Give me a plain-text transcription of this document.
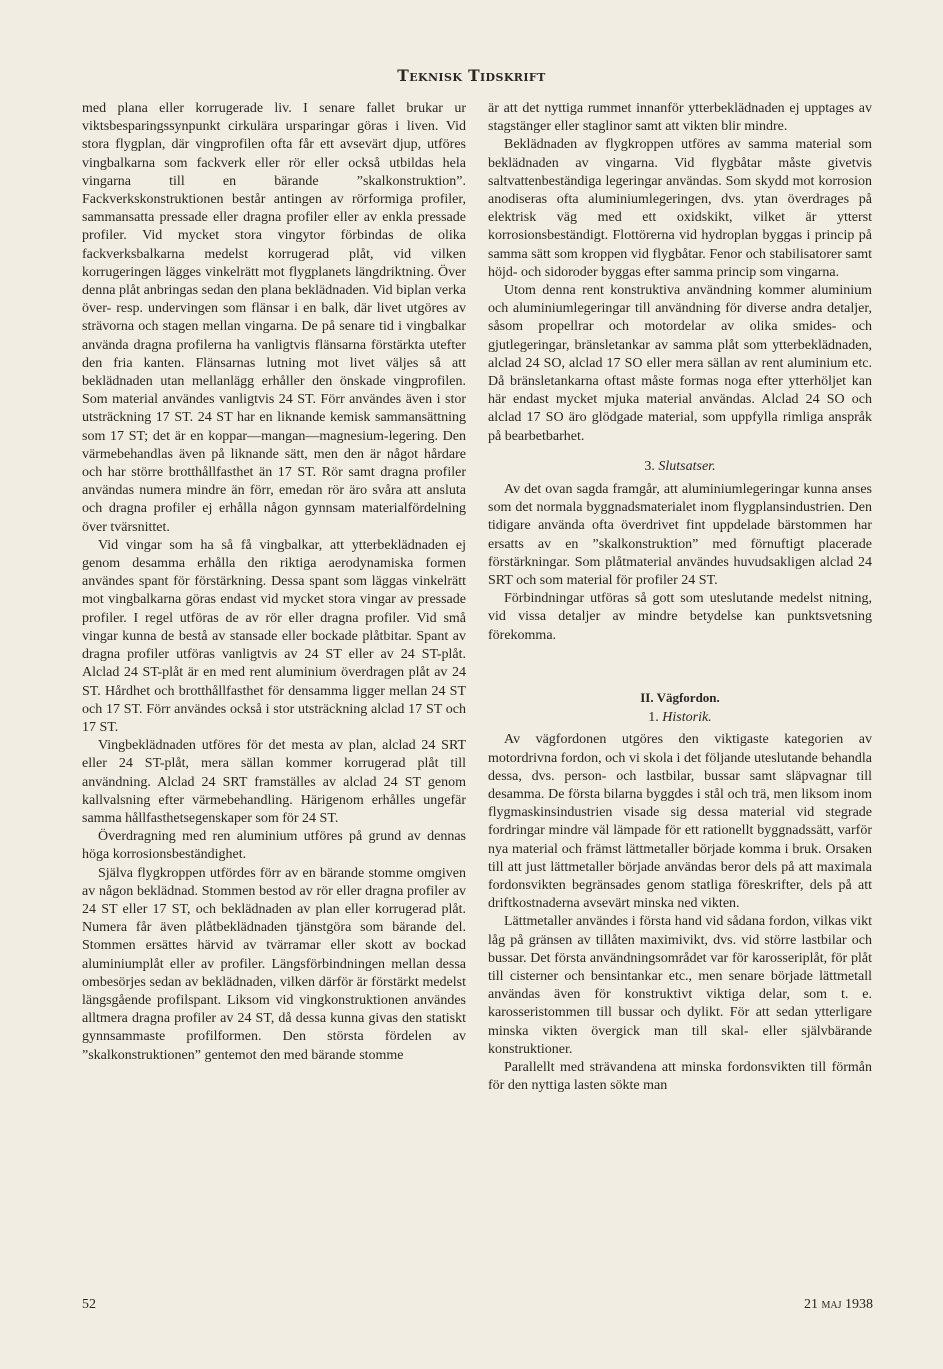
Teknisk Tidskrift

med plana eller korrugerade liv. I senare fallet brukar ur viktsbesparingssynpunkt cirkulära ursparingar göras i liven. Vid stora flygplan, där vingprofilen ofta får ett avsevärt djup, utföres vingbalkarna som fackverk eller rör eller också utbildas hela vingarna till en bärande ”skalkonstruktion”. Fackverkskonstruktionen består antingen av rörformiga profiler, sammansatta pressade eller dragna profiler eller av enkla pressade profiler. Vid mycket stora vingytor förbindas de olika fackverksbalkarna medelst korrugerad plåt, vid vilken korrugeringen lägges vinkelrätt mot flygplanets längdriktning. Över denna plåt anbringas sedan den plana beklädnaden. Vid biplan verka över- resp. undervingen som flänsar i en balk, där livet utgöres av strävorna och stagen mellan vingarna. De på senare tid i vingbalkar använda dragna profilerna ha vanligtvis flänsarna förstärkta utefter den fria kanten. Flänsarnas lutning mot livet väljes så att beklädnaden utan mellanlägg erhåller den önskade vingprofilen. Som material användes vanligtvis 24 ST. Förr användes även i stor utsträckning 17 ST. 24 ST har en liknande kemisk sammansättning som 17 ST; det är en koppar—mangan—magnesium-legering. Den värmebehandlas även på liknande sätt, men den är något hårdare och har större brotthållfasthet än 17 ST. Rör samt dragna profiler användas numera mindre än förr, emedan rör äro svåra att ansluta och dragna profiler ej erhålla någon gynnsam materialfördelning över tvärsnittet.

Vid vingar som ha så få vingbalkar, att ytterbeklädnaden ej genom desamma erhålla den riktiga aerodynamiska formen användes spant för förstärkning. Dessa spant som läggas vinkelrätt mot vingbalkarna göras endast vid mycket stora vingar av pressade profiler. I regel utföras de av rör eller dragna profiler. Vid små vingar kunna de bestå av stansade eller bockade plåtbitar. Spant av dragna profiler utföras vanligtvis av 24 ST eller av 24 ST-plåt. Alclad 24 ST-plåt är en med rent aluminium överdragen plåt av 24 ST. Hårdhet och brotthållfasthet för densamma ligger mellan 24 ST och 17 ST. Förr användes också i stor utsträckning alclad 17 ST och 17 ST.

Vingbeklädnaden utföres för det mesta av plan, alclad 24 SRT eller 24 ST-plåt, mera sällan kommer korrugerad plåt till användning. Alclad 24 SRT framställes av alclad 24 ST genom kallvalsning efter värmebehandling. Härigenom erhålles ungefär samma hållfasthetsegenskaper som för 24 ST.

Överdragning med ren aluminium utföres på grund av dennas höga korrosionsbeständighet.

Själva flygkroppen utfördes förr av en bärande stomme omgiven av någon beklädnad. Stommen bestod av rör eller dragna profiler av 24 ST eller 17 ST, och beklädnaden av plan eller korrugerad plåt. Numera får även plåtbeklädnaden tjänstgöra som bärande del. Stommen ersättes härvid av tvärramar eller skott av bockad aluminiumplåt eller av profiler. Längsförbindningen mellan dessa ombesörjes sedan av beklädnaden, vilken därför är förstärkt medelst längsgående profilspant. Liksom vid vingkonstruktionen användes alltmera dragna profiler av 24 ST, då dessa kunna givas den statiskt gynnsammaste profilformen. Den största fördelen av ”skalkonstruktionen” gentemot den med bärande stomme

är att det nyttiga rummet innanför ytterbeklädnaden ej upptages av stagstänger eller staglinor samt att vikten blir mindre.

Beklädnaden av flygkroppen utföres av samma material som beklädnaden av vingarna. Vid flygbåtar måste givetvis saltvattenbeständiga legeringar användas. Som skydd mot korrosion anodiseras ofta aluminiumlegeringen, dvs. ytan överdrages på elektrisk väg med ett oxidskikt, vilket är ytterst korrosionsbeständigt. Flottörerna vid hydroplan byggas i princip på samma sätt som kroppen vid flygbåtar. Fenor och stabilisatorer samt höjd- och sidoroder byggas efter samma princip som vingarna.

Utom denna rent konstruktiva användning kommer aluminium och aluminiumlegeringar till användning för diverse andra detaljer, såsom propellrar och motordelar av olika smides- och gjutlegeringar, bränsletankar av samma plåt som ytterbeklädnaden, alclad 24 SO, alclad 17 SO eller mera sällan av rent aluminium etc. Då bränsletankarna oftast måste formas noga efter ytterhöljet kan här endast mycket mjuka material användas. Alclad 24 SO och alclad 17 SO äro glödgade material, som uppfylla rimliga anspråk på bearbetbarhet.

3. Slutsatser.

Av det ovan sagda framgår, att aluminiumlegeringar kunna anses som det normala byggnadsmaterialet inom flygplansindustrien. Den tidigare använda ofta överdrivet fint uppdelade bärstommen har ersatts av en ”skalkonstruktion” med förnuftigt placerade förstärkningar. Som plåtmaterial användes huvudsakligen alclad 24 SRT och som material för profiler 24 ST.

Förbindningar utföras så gott som uteslutande medelst nitning, vid vissa detaljer av mindre betydelse kan punktsvetsning förekomma.

II. Vägfordon.
1. Historik.

Av vägfordonen utgöres den viktigaste kategorien av motordrivna fordon, och vi skola i det följande uteslutande behandla dessa, dvs. person- och lastbilar, bussar samt släpvagnar till desamma. De första bilarna byggdes i stål och trä, men liksom inom flygmaskinsindustrien visade sig dessa material vid stegrade fordringar mindre väl lämpade för ett rationellt byggnadssätt, varför nya material och främst lättmetaller började komma i bruk. Orsaken till att just lättmetaller började användas beror dels på att maximala fordonsvikten begränsades genom statliga föreskrifter, dels på att driftkostnaderna avsevärt minska ned vikten.

Lättmetaller användes i första hand vid sådana fordon, vilkas vikt låg på gränsen av tillåten maximivikt, dvs. vid större lastbilar och bussar. Det första användningsområdet var för karosseriplåt, för plåt till cisterner och bensintankar etc., men senare började lättmetall användas även för konstruktivt viktiga delar, som t. e. karosseristommen till bussar och dylikt. För att sedan ytterligare minska vikten övergick man till skal- eller självbärande konstruktioner.

Parallellt med strävandena att minska fordonsvikten till förmån för den nyttiga lasten sökte man

52	21 maj 1938
